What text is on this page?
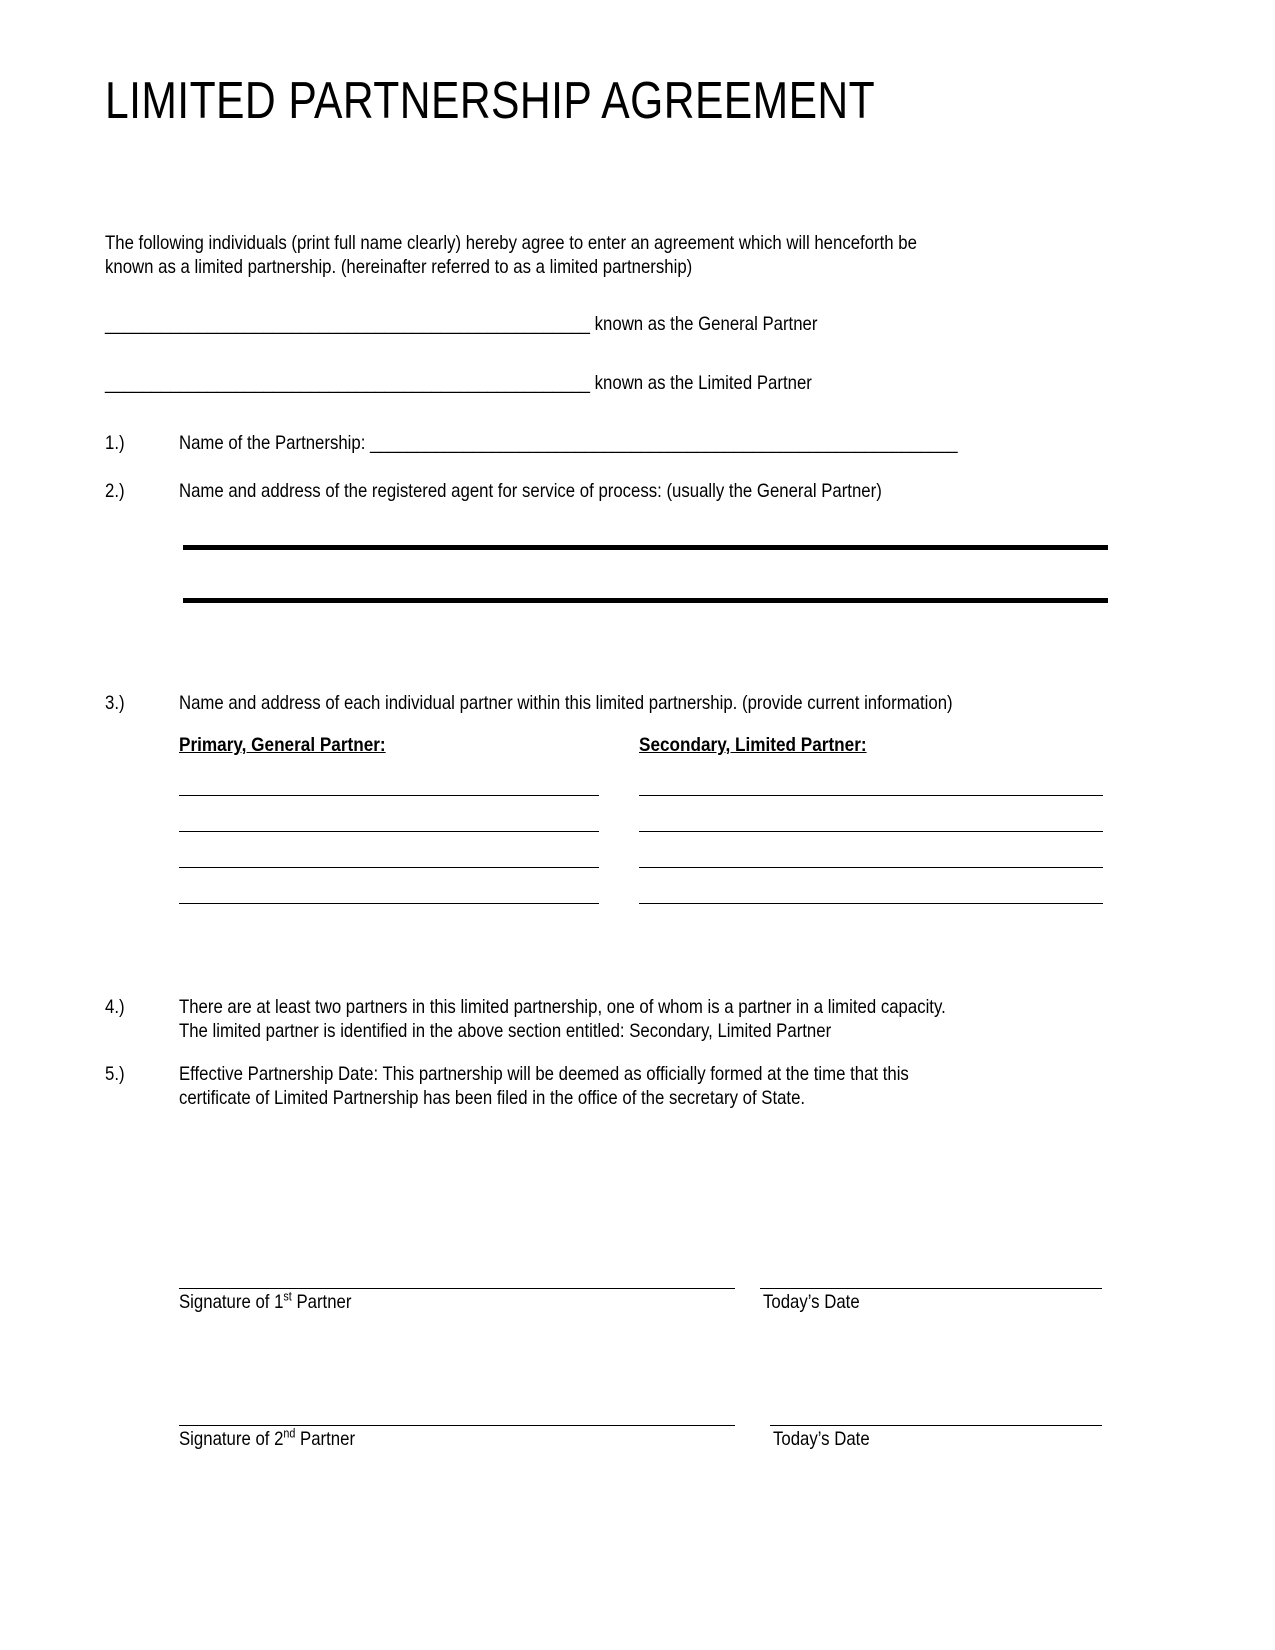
LIMITED PARTNERSHIP AGREEMENT
The following individuals (print full name clearly) hereby agree to enter an agreement which will henceforth be
known as a limited partnership. (hereinafter referred to as a limited partnership)
____________________________________________________ known as the General Partner
____________________________________________________ known as the Limited Partner
1.)	Name of the Partnership: _______________________________________________________________
2.)	Name and address of the registered agent for service of process: (usually the General Partner)
3.)	Name and address of each individual partner within this limited partnership. (provide current information)
Primary, General Partner:	Secondary, Limited Partner:
4.)	There are at least two partners in this limited partnership, one of whom is a partner in a limited capacity.
The limited partner is identified in the above section entitled: Secondary, Limited Partner
5.)	Effective Partnership Date: This partnership will be deemed as officially formed at the time that this
certificate of Limited Partnership has been filed in the office of the secretary of State.
Signature of 1st Partner	Today’s Date
Signature of 2nd Partner	Today’s Date
